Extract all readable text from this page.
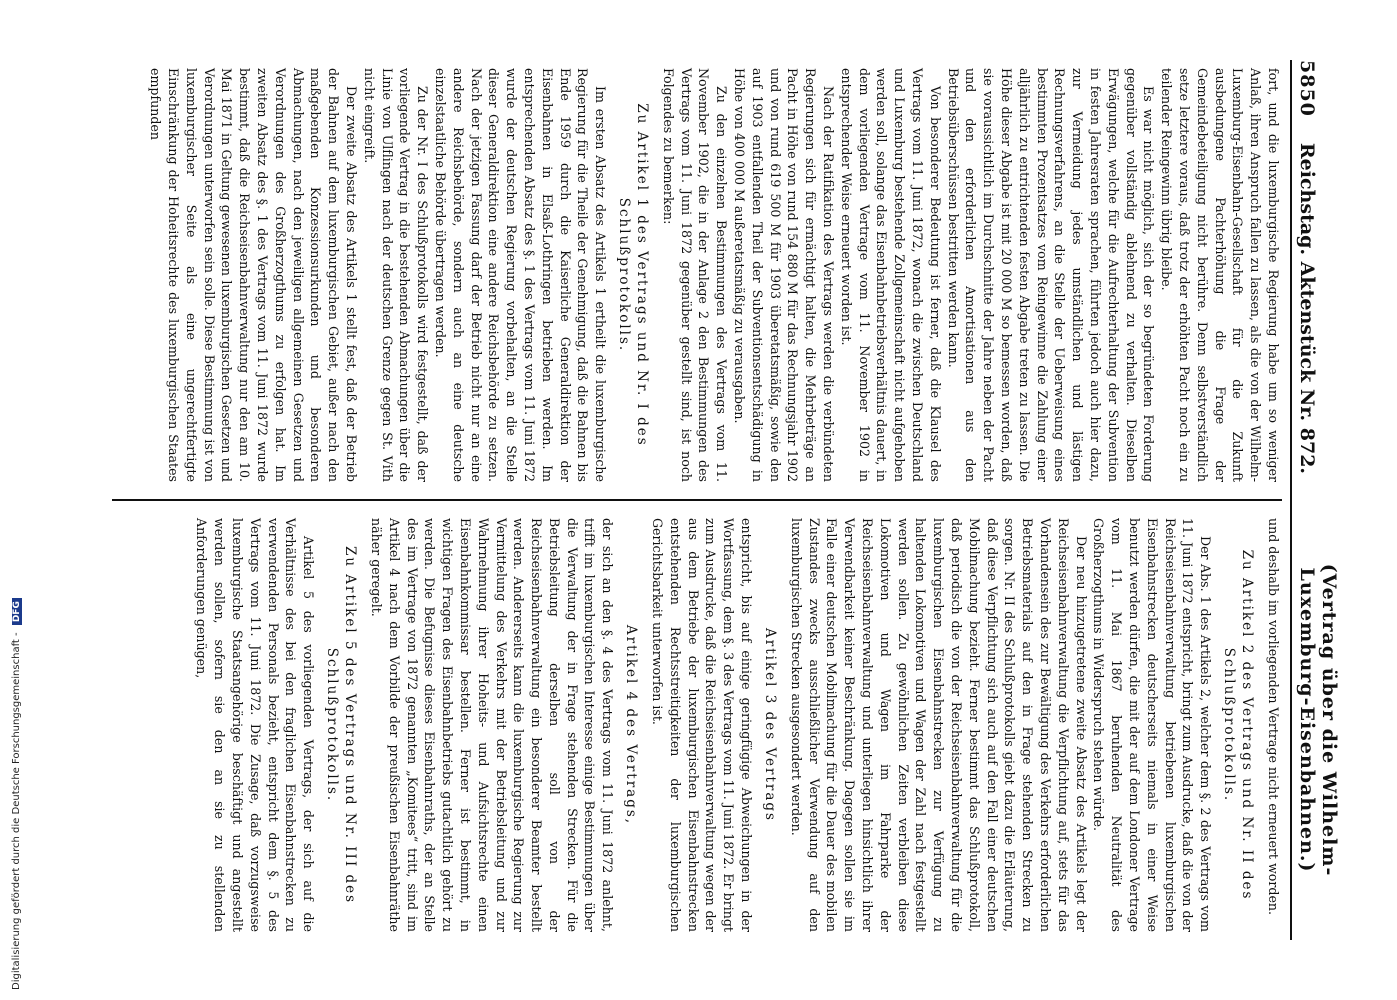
Digitalisierung gefördert durch die Deutsche Forschungsgemeinschaft - DFG
5850
Reichstag. Aktenstück Nr. 872.
(Vertrag über die Wilhelm-Luxemburg-Eisenbahnen.)

fort, und die luxemburgische Regierung habe um so weniger Anlaß, ihren Anspruch fallen zu lassen, als die von der Wilhelm-Luxemburg-Eisenbahn-Gesellschaft für die Zukunft ausbedungene Pachterhöhung die Frage der Gemeindebeteiligung nicht berühre. Denn selbstverständlich setze letztere voraus, daß trotz der erhöhten Pacht noch ein zu teilender Reingewinn übrig bleibe.

Es war nicht möglich, sich der so begründeten Forderung gegenüber vollständig ablehnend zu verhalten. Dieselben Erwägungen, welche für die Aufrechterhaltung der Subvention in festen Jahresraten sprachen, führten jedoch auch hier dazu, zur Vermeidung jedes umständlichen und lästigen Rechnungsverfahrens, an die Stelle der Ueberweisung eines bestimmten Prozentsatzes vom Reingewinne die Zahlung einer alljährlich zu entrichtenden festen Abgabe treten zu lassen. Die Höhe dieser Abgabe ist mit 20 000 M so bemessen worden, daß sie voraussichtlich im Durchschnitte der Jahre neben der Pacht und den erforderlichen Amortisationen aus den Betriebsüberschüssen bestritten werden kann.

Von besonderer Bedeutung ist ferner, daß die Klausel des Vertrags vom 11. Juni 1872, wonach die zwischen Deutschland und Luxemburg bestehende Zollgemeinschaft nicht aufgehoben werden soll, solange das Eisenbahnbetriebsverhältnis dauert, in dem vorliegenden Vertrage vom 11. November 1902 in entsprechender Weise erneuert worden ist.

Nach der Ratifikation des Vertrags werden die verbündeten Regierungen sich für ermächtigt halten, die Mehrbeträge an Pacht in Höhe von rund 154 880 M für das Rechnungsjahr 1902 und von rund 619 500 M für 1903 überetatsmäßig, sowie den auf 1903 entfallenden Theil der Subventionsentschädigung in Höhe von 400 000 M außeretatsmäßig zu verausgaben.

Zu den einzelnen Bestimmungen des Vertrags vom 11. November 1902, die in der Anlage 2 den Bestimmungen des Vertrags vom 11. Juni 1872 gegenüber gestellt sind, ist noch Folgendes zu bemerken:

Zu Artikel 1 des Vertrags und Nr. I des Schlußprotokolls.

Im ersten Absatz des Artikels 1 ertheilt die luxemburgische Regierung für die Theile der Genehmigung, daß die Bahnen bis Ende 1959 durch die Kaiserliche Generaldirektion der Eisenbahnen in Elsaß-Lothringen betrieben werden. Im entsprechenden Absatz des §. 1 des Vertrags vom 11. Juni 1872 wurde der deutschen Regierung vorbehalten, an die Stelle dieser Generaldirektion eine andere Reichsbehörde zu setzen. Nach der jetzigen Fassung darf der Betrieb nicht nur an eine andere Reichsbehörde, sondern auch an eine deutsche einzelstaatliche Behörde übertragen werden.

Zu der Nr. I des Schlußprotokolls wird festgestellt, daß der vorliegende Vertrag in die bestehenden Abmachungen über die Linie von Ulflingen nach der deutschen Grenze gegen St. Vith nicht eingreift.

Der zweite Absatz des Artikels 1 stellt fest, daß der Betrieb der Bahnen auf dem luxemburgischen Gebiet, außer nach den maßgebenden Konzessionsurkunden und besonderen Abmachungen, nach den jeweiligen allgemeinen Gesetzen und Verordnungen des Großherzogthums zu erfolgen hat. Im zweiten Absatz des §. 1 des Vertrags vom 11. Juni 1872 wurde bestimmt, daß die Reichseisenbahnverwaltung nur den am 10. Mai 1871 in Geltung gewesenen luxemburgischen Gesetzen und Verordnungen unterworfen sein solle. Diese Bestimmung ist von luxemburgischer Seite als eine ungerechtfertigte Einschränkung der Hoheitsrechte des luxemburgischen Staates empfunden

und deshalb im vorliegenden Vertrage nicht erneuert worden.

Zu Artikel 2 des Vertrags und Nr. II des Schlußprotokolls.

Der Abs. 1 des Artikels 2, welcher dem §. 2 des Vertrags vom 11. Juni 1872 entspricht, bringt zum Ausdrucke, daß die von der Reichseisenbahnverwaltung betriebenen luxemburgischen Eisenbahnstrecken deutscherseits niemals in einer Weise benutzt werden dürfen, die mit der auf dem Londoner Vertrage vom 11. Mai 1867 beruhenden Neutralität des Großherzogthums in Widerspruch stehen würde.

Der neu hinzugetretene zweite Absatz des Artikels legt der Reichseisenbahnverwaltung die Verpflichtung auf, stets für das Vorhandensein des zur Bewältigung des Verkehrs erforderlichen Betriebsmaterials auf den in Frage stehenden Strecken zu sorgen. Nr. II des Schlußprotokolls giebt dazu die Erläuterung, daß diese Verpflichtung sich auch auf den Fall einer deutschen Mobilmachung bezieht. Ferner bestimmt das Schlußprotokoll, daß periodisch die von der Reichseisenbahnverwaltung für die luxemburgischen Eisenbahnstrecken zur Verfügung zu haltenden Lokomotiven und Wagen der Zahl nach festgestellt werden sollen. Zu gewöhnlichen Zeiten verbleiben diese Lokomotiven und Wagen im Fahrparke der Reichseisenbahnverwaltung und unterliegen hinsichtlich ihrer Verwendbarkeit keiner Beschränkung. Dagegen sollen sie im Falle einer deutschen Mobilmachung für die Dauer des mobilen Zustandes zwecks ausschließlicher Verwendung auf den luxemburgischen Strecken ausgesondert werden.

Artikel 3 des Vertrags

entspricht, bis auf einige geringfügige Abweichungen in der Wortfassung, dem §. 3 des Vertrags vom 11. Juni 1872. Er bringt zum Ausdrucke, daß die Reichseisenbahnverwaltung wegen der aus dem Betriebe der luxemburgischen Eisenbahnstrecken entstehenden Rechtsstreitigkeiten der luxemburgischen Gerichtsbarkeit unterworfen ist.

Artikel 4 des Vertrags,

der sich an den §. 4 des Vertrags vom 11. Juni 1872 anlehnt, trifft im luxemburgischen Interesse einige Bestimmungen über die Verwaltung der in Frage stehenden Strecken. Für die Betriebsleitung derselben soll von der Reichseisenbahnverwaltung ein besonderer Beamter bestellt werden. Andererseits kann die luxemburgische Regierung zur Vermittelung des Verkehrs mit der Betriebsleitung und zur Wahrnehmung ihrer Hoheits- und Aufsichtsrechte einen Eisenbahnkommissar bestellen. Ferner ist bestimmt, in wichtigen Fragen des Eisenbahnbetriebs gutachtlich gehört zu werden. Die Befugnisse dieses Eisenbahnraths, der an Stelle des im Vertrage von 1872 genannten „Komitees“ tritt, sind im Artikel 4 nach dem Vorbilde der preußischen Eisenbahnräthe näher geregelt.

Zu Artikel 5 des Vertrags und Nr. III des Schlußprotokolls.

Artikel 5 des vorliegenden Vertrags, der sich auf die Verhältnisse des bei den fraglichen Eisenbahnstrecken zu verwendenden Personals bezieht, entspricht dem §. 5 des Vertrags vom 11. Juni 1872. Die Zusage, daß vorzugsweise luxemburgische Staatsangehörige beschäftigt und angestellt werden sollen, sofern sie den an sie zu stellenden Anforderungen genügen,
